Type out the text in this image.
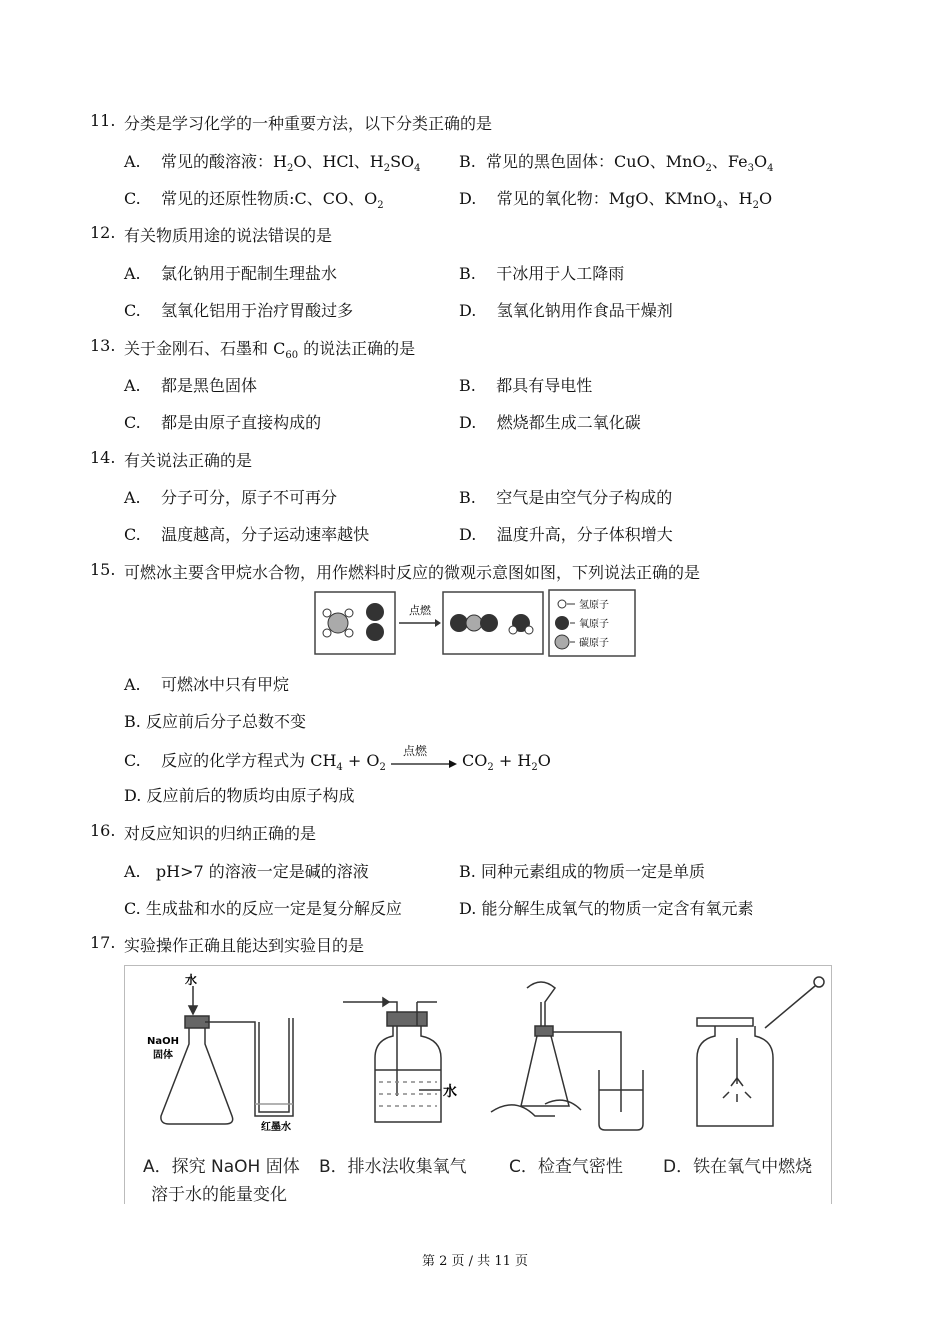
11. 分类是学习化学的一种重要方法，以下分类正确的是
A. 常见的酸溶液：$H_2O$、HCl、$H_2SO_4$ B. 常见的黑色固体：CuO、MnO$_2$、$Fe_3O_4$
C. 常见的还原性物质:C、CO、$O_2$	D. 常见的氧化物：MgO、KMnO$_4$、$H_2O$
12. 有关物质用途的说法错误的是
A. 氯化钠用于配制生理盐水	B. 干冰用于人工降雨
C. 氢氧化铝用于治疗胃酸过多	D. 氢氧化钠用作食品干燥剂
13. 关于金刚石、石墨和 $C_{60}$ 的说法正确的是
A. 都是黑色固体	B. 都具有导电性
C. 都是由原子直接构成的	D. 燃烧都生成二氧化碳
14. 有关说法正确的是
A. 分子可分，原子不可再分	B. 空气是由空气分子构成的
C. 温度越高，分子运动速率越快	D. 温度升高，分子体积增大
15. 可燃冰主要含甲烷水合物，用作燃料时反应的微观示意图如图，下列说法正确的是
点燃	氢原子
氧原子
碳原子
A. 可燃冰中只有甲烷
B. 反应前后分子总数不变
C. 反应的化学方程式为 $CH_4 + O_2$
点燃
$CO_2 + H_2O$
D. 反应前后的物质均由原子构成
16. 对反应知识的归纳正确的是
A. pH>7 的溶液一定是碱的溶液	B. 同种元素组成的物质一定是单质
C. 生成盐和水的反应一定是复分解反应	D. 能分解生成氧气的物质一定含有氧元素
17. 实验操作正确且能达到实验目的是
水
NaOH
固体
红墨水
水
A．探究 NaOH 固体
溶于水的能量变化
B．排水法收集氧气 C．检查气密性 D．铁在氧气中燃烧
第 2 页 / 共 11 页
